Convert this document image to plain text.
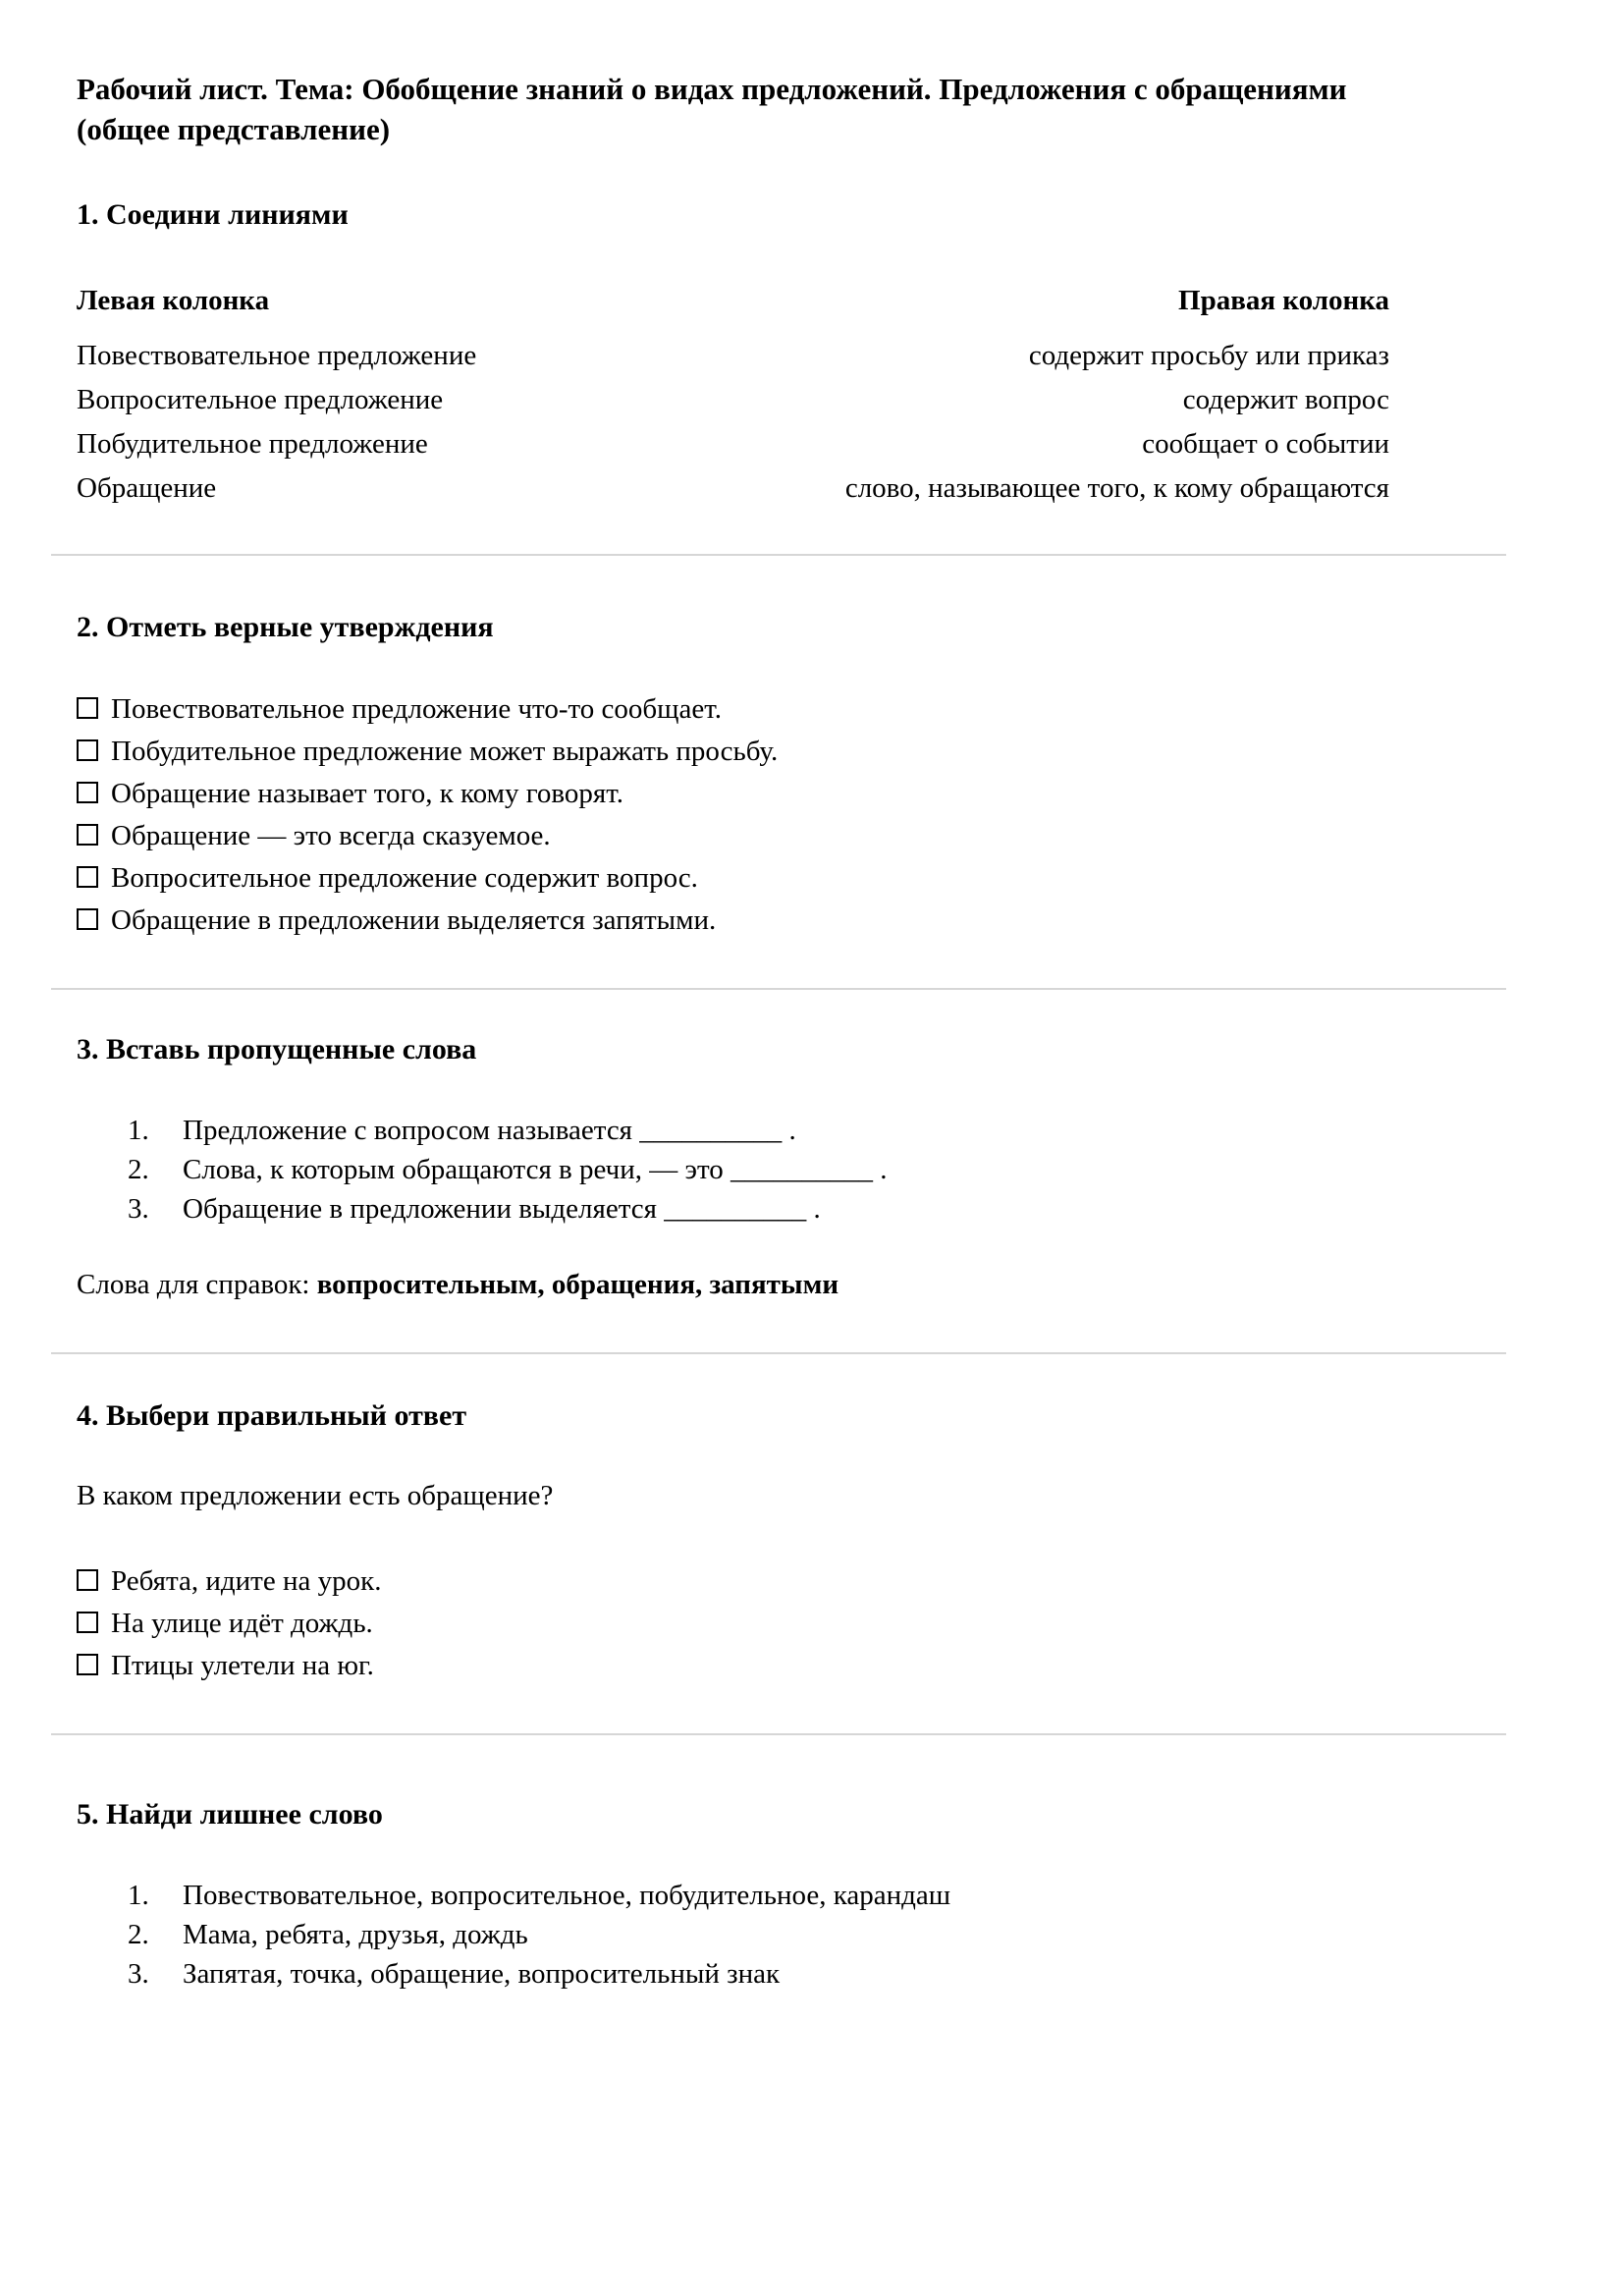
Рабочий лист. Тема: Обобщение знаний о видах предложений. Предложения с обращениями (общее представление)
1. Соедини линиями
Левая колонка	Правая колонка
Повествовательное предложение	содержит просьбу или приказ
Вопросительное предложение	содержит вопрос
Побудительное предложение	сообщает о событии
Обращение	слово, называющее того, к кому обращаются
2. Отметь верные утверждения
Повествовательное предложение что-то сообщает.
Побудительное предложение может выражать просьбу.
Обращение называет того, к кому говорят.
Обращение — это всегда сказуемое.
Вопросительное предложение содержит вопрос.
Обращение в предложении выделяется запятыми.
3. Вставь пропущенные слова
1.	Предложение с вопросом называется __________ .
2.	Слова, к которым обращаются в речи, — это __________ .
3.	Обращение в предложении выделяется __________ .
Слова для справок: вопросительным, обращения, запятыми
4. Выбери правильный ответ
В каком предложении есть обращение?
Ребята, идите на урок.
На улице идёт дождь.
Птицы улетели на юг.
5. Найди лишнее слово
1.	Повествовательное, вопросительное, побудительное, карандаш
2.	Мама, ребята, друзья, дождь
3.	Запятая, точка, обращение, вопросительный знак
